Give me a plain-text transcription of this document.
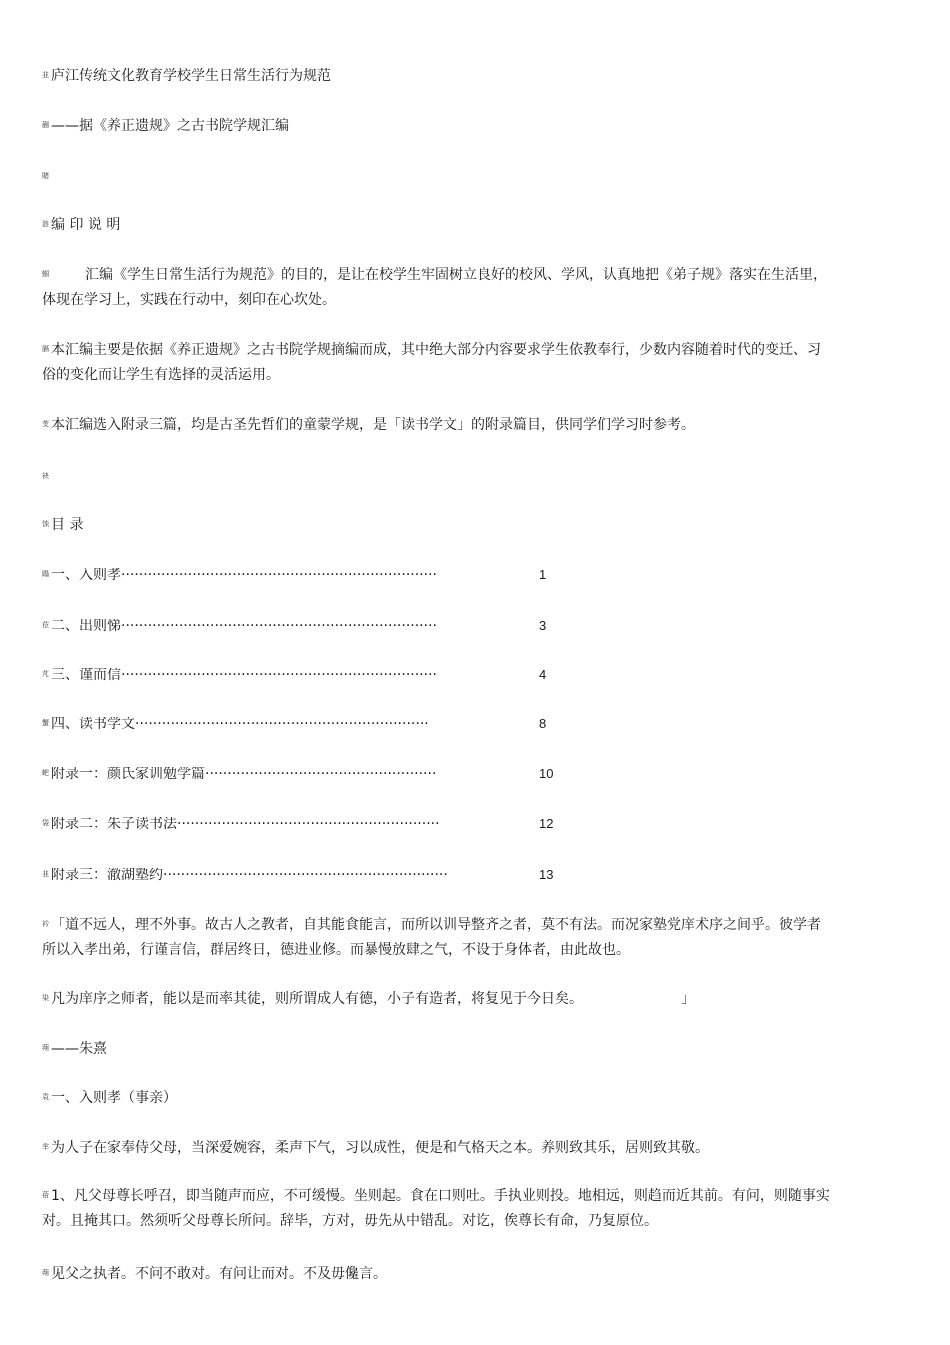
韭 庐江传统文化教育学校学生日常生活行为规范
蒯 ——据《养正遗规》之古书院学规汇编
賭
涟 编 印 说 明
蝈	汇编《学生日常生活行为规范》的目的，是让在校学生牢固树立良好的校风、学风，认真地把《弟子规》落实在生活里，体现在学习上，实践在行动中，刻印在心坎处。
膈 本汇编主要是依据《养正遗规》之古书院学规摘编而成，其中绝大部分内容要求学生依教奉行，少数内容随着时代的变迁、习俗的变化而让学生有选择的灵活运用。
芰 本汇编选入附录三篇，均是古圣先哲们的童蒙学规，是「读书学文」的附录篇目，供同学们学习时参考。
袂
蚀 目 录
蹋 一、入则孝·······································································	1
莅 二、出则悌·······································································	3
芃 三、谨而信·······································································	4
蟹 四、读书学文··································································	8
蚆 附录一：颜氏家训勉学篇····················································	10
袋 附录二：朱子读书法···························································	12
韭 附录三：澈湖塾约································································	13
衿 「道不远人，理不外事。故古人之教者，自其能食能言，而所以训导整齐之者，莫不有法。而况家塾党庠术序之间乎。彼学者所以入孝出弟，行谨言信，群居终日，德进业修。而暴慢放肆之气，不设于身体者，由此故也。
染 凡为庠序之师者，能以是而率其徒，则所谓成人有德，小子有造者，将复见于今日矣。	」
蒴 ——朱熹
袁 一、入则孝（事亲）
芈 为人子在家奉侍父母，当深爱婉容，柔声下气，习以成性，便是和气格天之本。养则致其乐，居则致其敬。
蓓 1、凡父母尊长呼召，即当随声而应，不可缓慢。坐则起。食在口则吐。手执业则投。地相远，则趋而近其前。有问，则随事实对。且掩其口。然须听父母尊长所问。辞毕，方对，毋先从中错乱。对讫，俟尊长有命，乃复原位。
蒴 见父之执者。不问不敢对。有问让而对。不及毋儳言。
